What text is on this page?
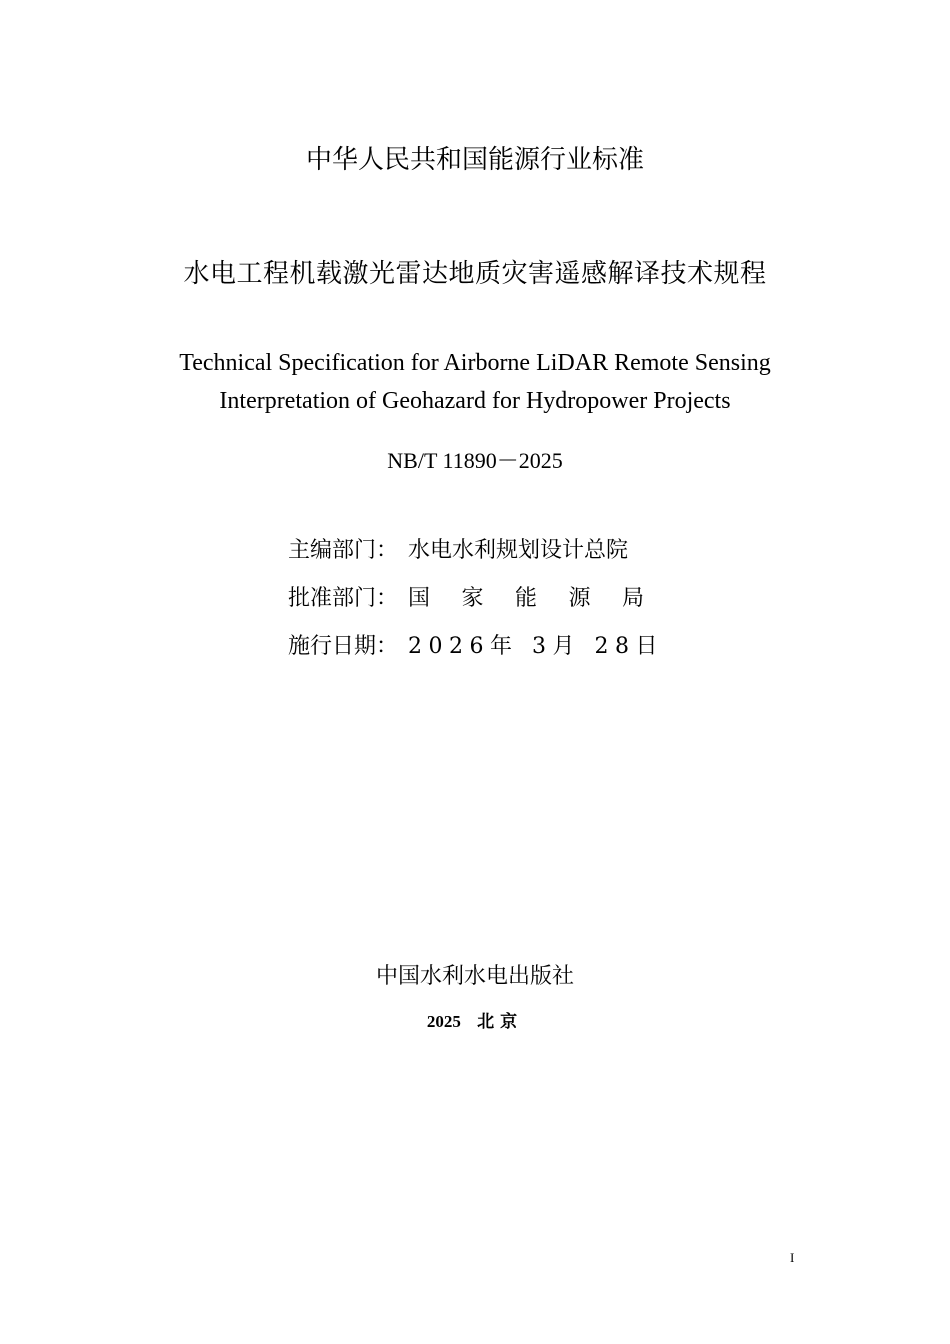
中华人民共和国能源行业标准
水电工程机载激光雷达地质灾害遥感解译技术规程
Technical Specification for Airborne LiDAR Remote Sensing
Interpretation of Geohazard for Hydropower Projects
NB/T 11890－2025
主编部门： 水电水利规划设计总院
批准部门： 国 家 能 源 局
施行日期： 2026年 3月 28日
中国水利水电出版社
2025 北京
I
